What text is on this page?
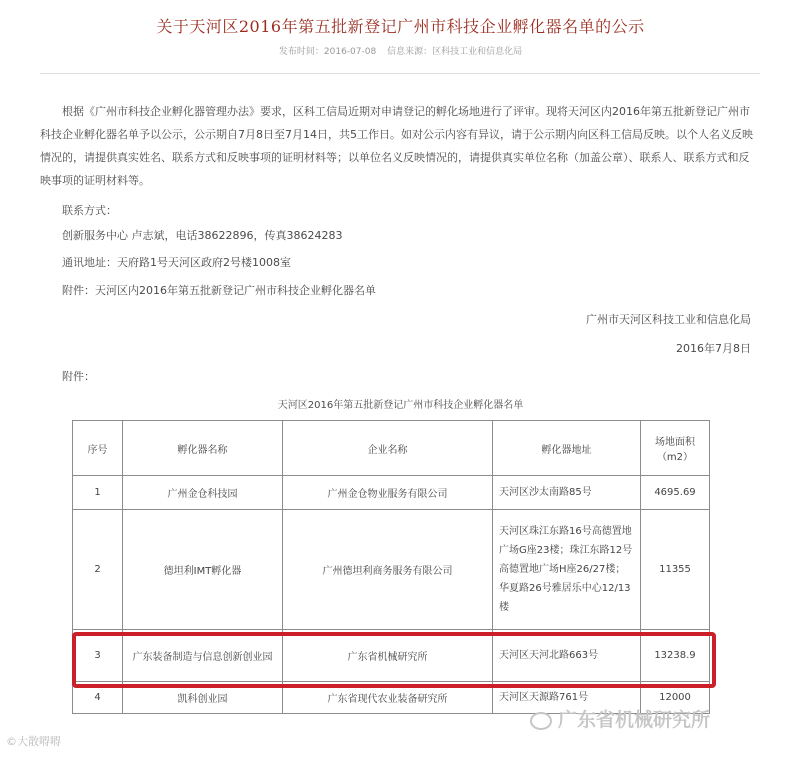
关于天河区2016年第五批新登记广州市科技企业孵化器名单的公示
发布时间：2016-07-08 信息来源：区科技工业和信息化局

根据《广州市科技企业孵化器管理办法》要求，区科工信局近期对申请登记的孵化场地进行了评审。现将天河区内2016年第五批新登记广州市科技企业孵化器名单予以公示，公示期自7月8日至7月14日，共5工作日。如对公示内容有异议，请于公示期内向区科工信局反映。以个人名义反映情况的，请提供真实姓名、联系方式和反映事项的证明材料等；以单位名义反映情况的，请提供真实单位名称（加盖公章）、联系人、联系方式和反映事项的证明材料等。

联系方式：
创新服务中心 卢志斌，电话38622896，传真38624283
通讯地址：天府路1号天河区政府2号楼1008室
附件：天河区内2016年第五批新登记广州市科技企业孵化器名单
广州市天河区科技工业和信息化局
2016年7月8日
附件：
天河区2016年第五批新登记广州市科技企业孵化器名单
序号	孵化器名称	企业名称	孵化器地址	场地面积（m2）
1	广州金仓科技园	广州金仓物业服务有限公司	天河区沙太南路85号	4695.69
2	德坦利IMT孵化器	广州德坦利商务服务有限公司	天河区珠江东路16号高德置地广场G座23楼；珠江东路12号高德置地广场H座26/27楼；华夏路26号雅居乐中心12/13楼	11355
3	广东装备制造与信息创新创业园	广东省机械研究所	天河区天河北路663号	13238.9
4	凯科创业园	广东省现代农业装备研究所	天河区天源路761号	12000
©大散嘚嘚
广东省机械研究所
